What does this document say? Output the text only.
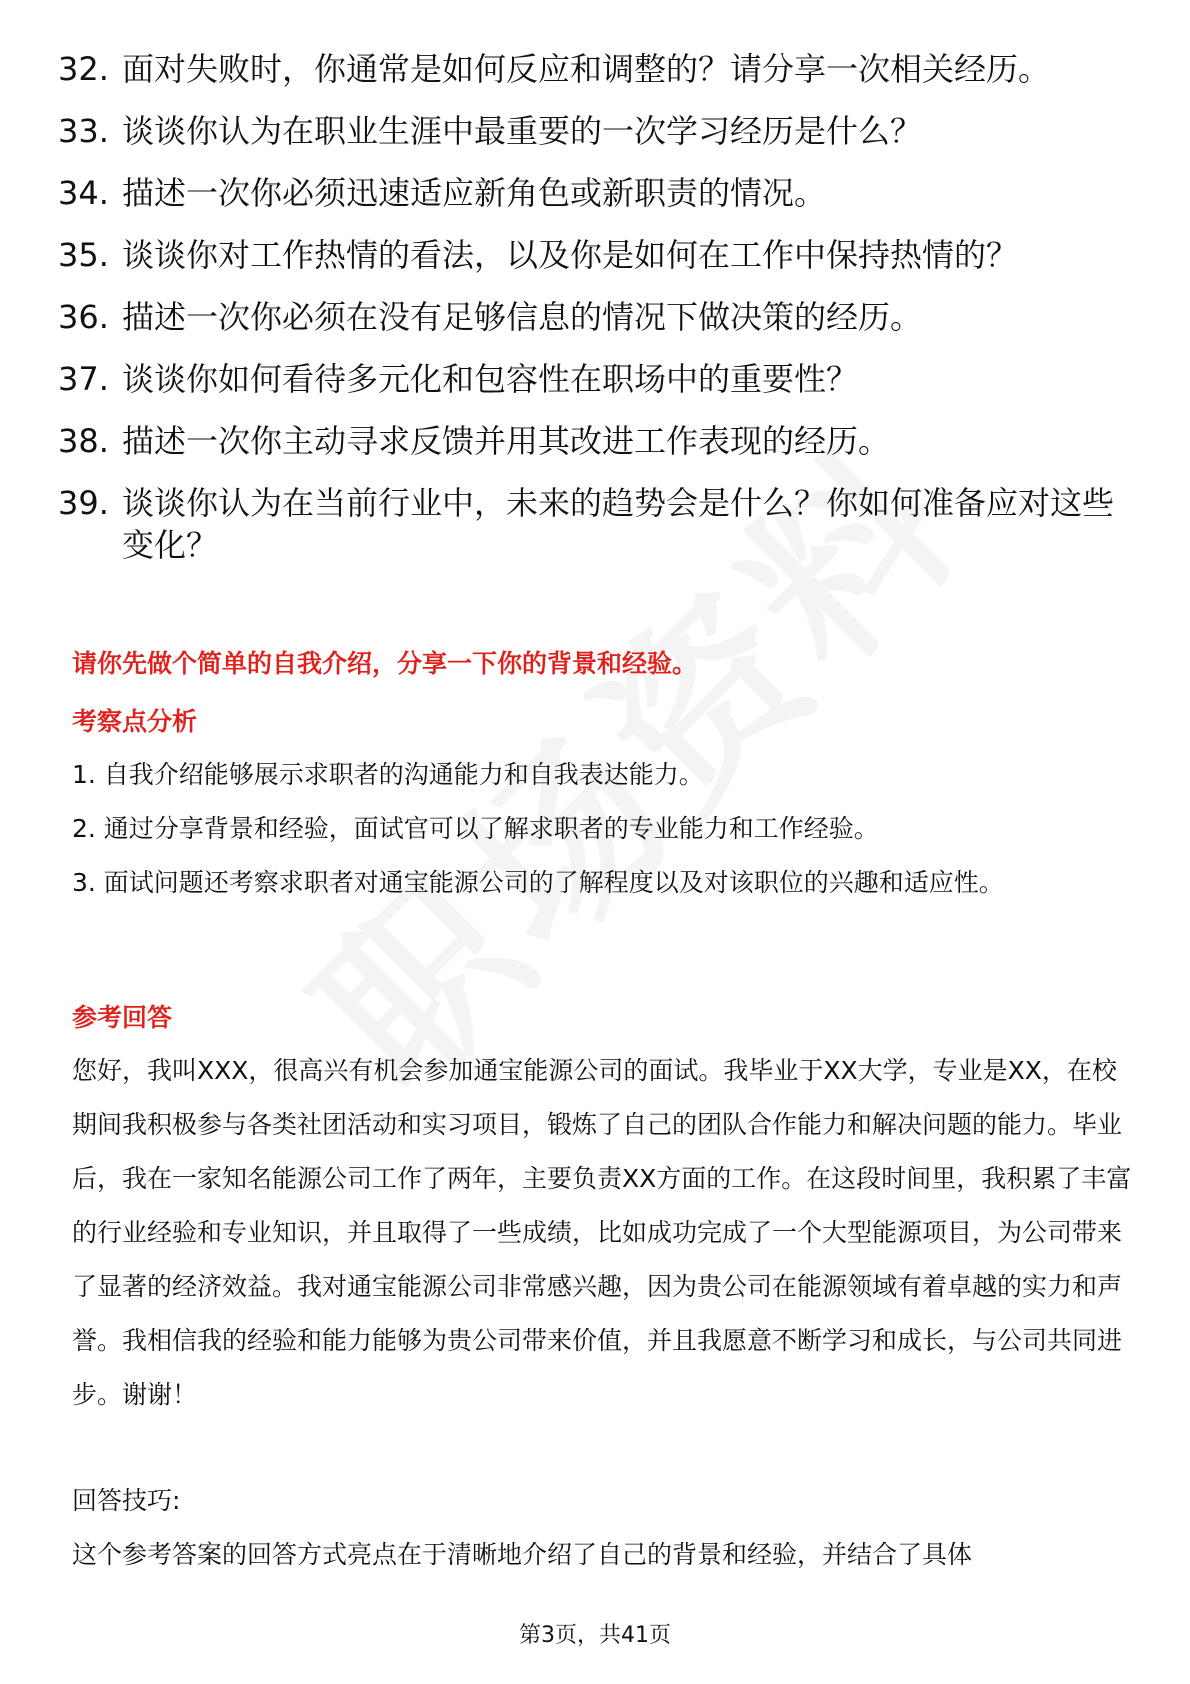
32. 面对失败时，你通常是如何反应和调整的？请分享一次相关经历。
33. 谈谈你认为在职业生涯中最重要的一次学习经历是什么？
34. 描述一次你必须迅速适应新角色或新职责的情况。
35. 谈谈你对工作热情的看法，以及你是如何在工作中保持热情的？
36. 描述一次你必须在没有足够信息的情况下做决策的经历。
37. 谈谈你如何看待多元化和包容性在职场中的重要性？
38. 描述一次你主动寻求反馈并用其改进工作表现的经历。
39. 谈谈你认为在当前行业中，未来的趋势会是什么？你如何准备应对这些变化？
请你先做个简单的自我介绍，分享一下你的背景和经验。
考察点分析
1. 自我介绍能够展示求职者的沟通能力和自我表达能力。
2. 通过分享背景和经验，面试官可以了解求职者的专业能力和工作经验。
3. 面试问题还考察求职者对通宝能源公司的了解程度以及对该职位的兴趣和适应性。
参考回答
您好，我叫XXX，很高兴有机会参加通宝能源公司的面试。我毕业于XX大学，专业是XX，在校期间我积极参与各类社团活动和实习项目，锻炼了自己的团队合作能力和解决问题的能力。毕业后，我在一家知名能源公司工作了两年，主要负责XX方面的工作。在这段时间里，我积累了丰富的行业经验和专业知识，并且取得了一些成绩，比如成功完成了一个大型能源项目，为公司带来了显著的经济效益。我对通宝能源公司非常感兴趣，因为贵公司在能源领域有着卓越的实力和声誉。我相信我的经验和能力能够为贵公司带来价值，并且我愿意不断学习和成长，与公司共同进步。谢谢！
回答技巧:
这个参考答案的回答方式亮点在于清晰地介绍了自己的背景和经验，并结合了具体
第3页，共41页
